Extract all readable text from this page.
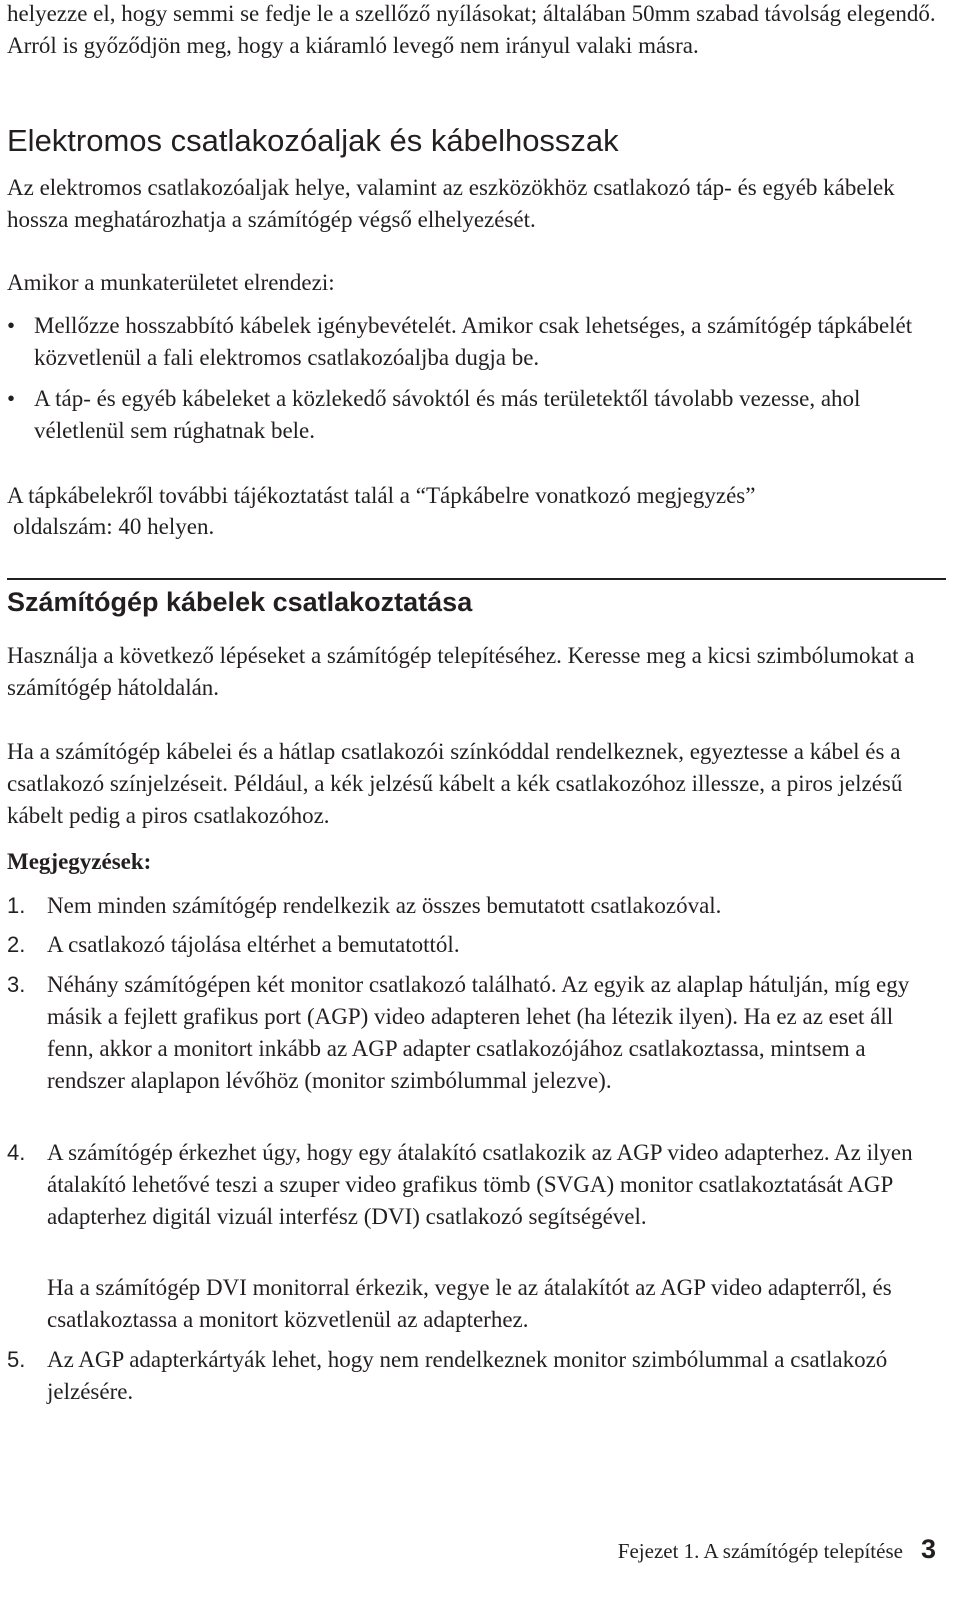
helyezze el, hogy semmi se fedje le a szellőző nyílásokat; általában 50mm szabad távolság elegendő. Arról is győződjön meg, hogy a kiáramló levegő nem irányul valaki másra.

Elektromos csatlakozóaljak és kábelhosszak

Az elektromos csatlakozóaljak helye, valamint az eszközökhöz csatlakozó táp- és egyéb kábelek hossza meghatározhatja a számítógép végső elhelyezését.

Amikor a munkaterületet elrendezi:

• Mellőzze hosszabbító kábelek igénybevételét. Amikor csak lehetséges, a számítógép tápkábelét közvetlenül a fali elektromos csatlakozóaljba dugja be.
• A táp- és egyéb kábeleket a közlekedő sávoktól és más területektől távolabb vezesse, ahol véletlenül sem rúghatnak bele.

A tápkábelekről további tájékoztatást talál a “Tápkábelre vonatkozó megjegyzés”

oldalszám: 40 helyen.

Számítógép kábelek csatlakoztatása

Használja a következő lépéseket a számítógép telepítéséhez. Keresse meg a kicsi szimbólumokat a számítógép hátoldalán.

Ha a számítógép kábelei és a hátlap csatlakozói színkóddal rendelkeznek, egyeztesse a kábel és a csatlakozó színjelzéseit. Például, a kék jelzésű kábelt a kék csatlakozóhoz illessze, a piros jelzésű kábelt pedig a piros csatlakozóhoz.

Megjegyzések:

1. Nem minden számítógép rendelkezik az összes bemutatott csatlakozóval.
2. A csatlakozó tájolása eltérhet a bemutatottól.
3. Néhány számítógépen két monitor csatlakozó található. Az egyik az alaplap hátulján, míg egy másik a fejlett grafikus port (AGP) video adapteren lehet (ha létezik ilyen). Ha ez az eset áll fenn, akkor a monitort inkább az AGP adapter csatlakozójához csatlakoztassa, mintsem a rendszer alaplapon lévőhöz (monitor szimbólummal jelezve).
4. A számítógép érkezhet úgy, hogy egy átalakító csatlakozik az AGP video adapterhez. Az ilyen átalakító lehetővé teszi a szuper video grafikus tömb (SVGA) monitor csatlakoztatását AGP adapterhez digitál vizuál interfész (DVI) csatlakozó segítségével.
Ha a számítógép DVI monitorral érkezik, vegye le az átalakítót az AGP video adapterről, és csatlakoztassa a monitort közvetlenül az adapterhez.
5. Az AGP adapterkártyák lehet, hogy nem rendelkeznek monitor szimbólummal a csatlakozó jelzésére.
Fejezet 1. A számítógép telepítése 3
